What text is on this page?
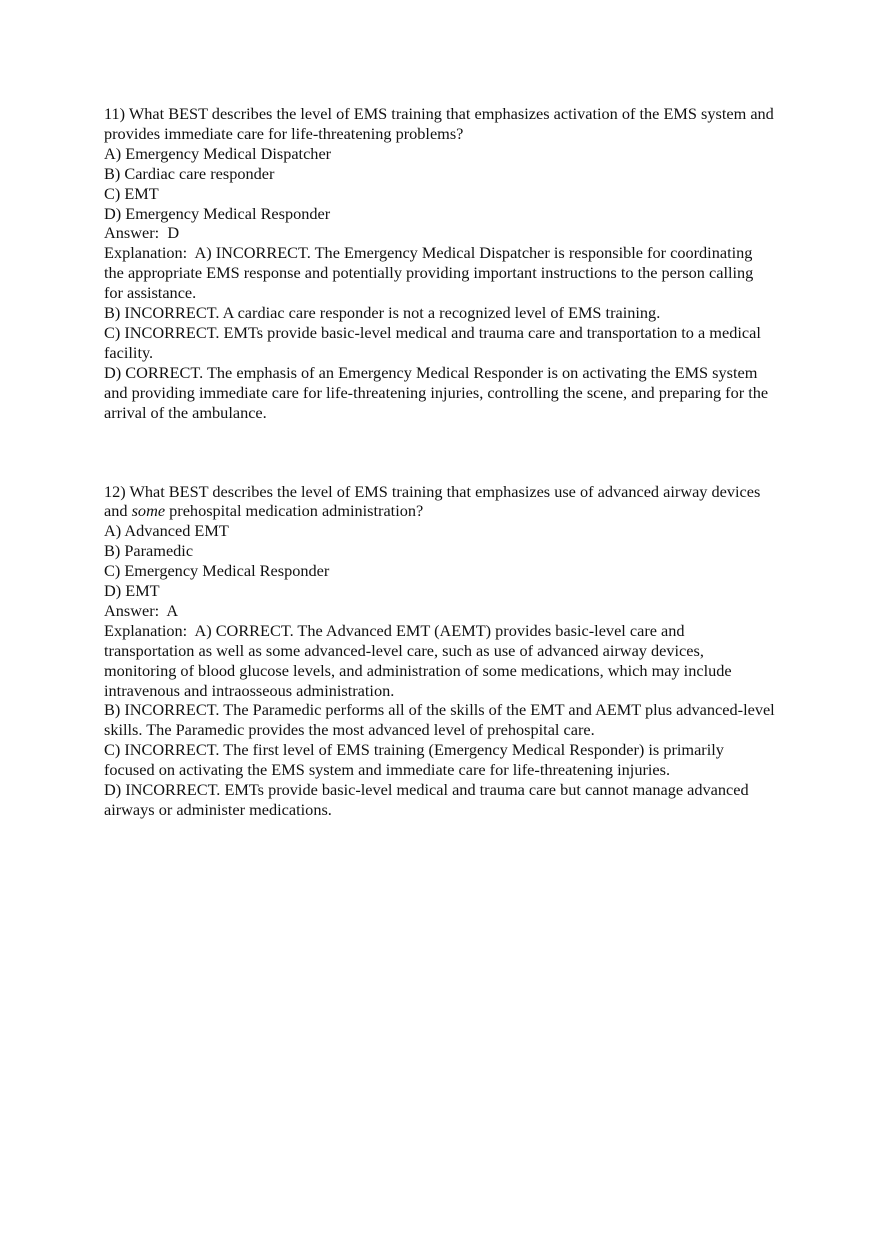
11) What BEST describes the level of EMS training that emphasizes activation of the EMS system and provides immediate care for life-threatening problems?
A) Emergency Medical Dispatcher
B) Cardiac care responder
C) EMT
D) Emergency Medical Responder
Answer: D
Explanation: A) INCORRECT. The Emergency Medical Dispatcher is responsible for coordinating the appropriate EMS response and potentially providing important instructions to the person calling for assistance.
B) INCORRECT. A cardiac care responder is not a recognized level of EMS training.
C) INCORRECT. EMTs provide basic-level medical and trauma care and transportation to a medical facility.
D) CORRECT. The emphasis of an Emergency Medical Responder is on activating the EMS system and providing immediate care for life-threatening injuries, controlling the scene, and preparing for the arrival of the ambulance.
12) What BEST describes the level of EMS training that emphasizes use of advanced airway devices and some prehospital medication administration?
A) Advanced EMT
B) Paramedic
C) Emergency Medical Responder
D) EMT
Answer: A
Explanation: A) CORRECT. The Advanced EMT (AEMT) provides basic-level care and transportation as well as some advanced-level care, such as use of advanced airway devices, monitoring of blood glucose levels, and administration of some medications, which may include intravenous and intraosseous administration.
B) INCORRECT. The Paramedic performs all of the skills of the EMT and AEMT plus advanced-level skills. The Paramedic provides the most advanced level of prehospital care.
C) INCORRECT. The first level of EMS training (Emergency Medical Responder) is primarily focused on activating the EMS system and immediate care for life-threatening injuries.
D) INCORRECT. EMTs provide basic-level medical and trauma care but cannot manage advanced airways or administer medications.
